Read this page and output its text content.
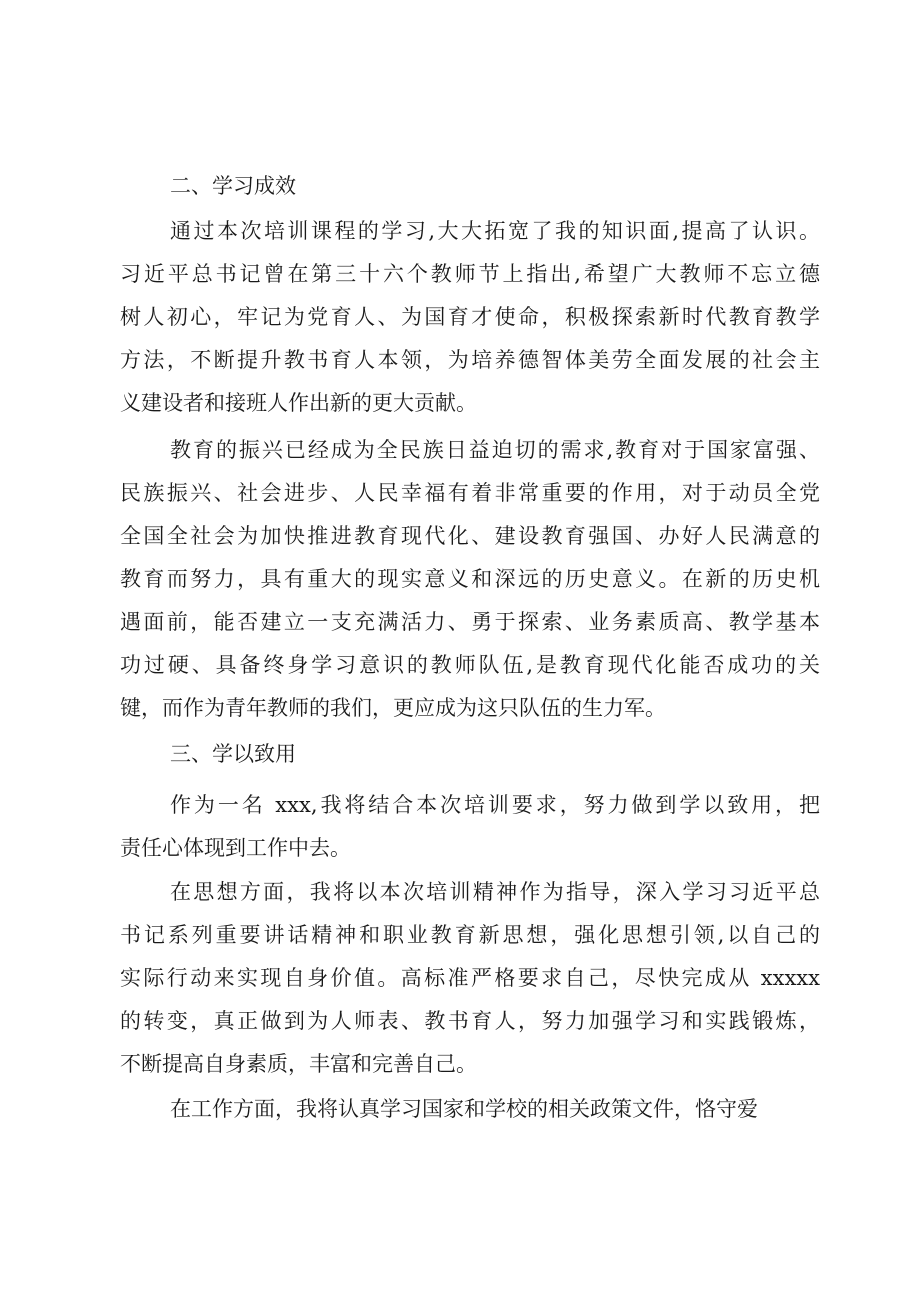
二、学习成效
通过本次培训课程的学习,大大拓宽了我的知识面,提高了认识。
习近平总书记曾在第三十六个教师节上指出,希望广大教师不忘立德
树人初心，牢记为党育人、为国育才使命，积极探索新时代教育教学
方法，不断提升教书育人本领，为培养德智体美劳全面发展的社会主
义建设者和接班人作出新的更大贡献。
教育的振兴已经成为全民族日益迫切的需求,教育对于国家富强、
民族振兴、社会进步、人民幸福有着非常重要的作用，对于动员全党
全国全社会为加快推进教育现代化、建设教育强国、办好人民满意的
教育而努力，具有重大的现实意义和深远的历史意义。在新的历史机
遇面前，能否建立一支充满活力、勇于探索、业务素质高、教学基本
功过硬、具备终身学习意识的教师队伍,是教育现代化能否成功的关
键，而作为青年教师的我们，更应成为这只队伍的生力军。
三、学以致用
作为一名 xxx,我将结合本次培训要求，努力做到学以致用，把
责任心体现到工作中去。
在思想方面，我将以本次培训精神作为指导，深入学习习近平总
书记系列重要讲话精神和职业教育新思想，强化思想引领,以自己的
实际行动来实现自身价值。高标准严格要求自己，尽快完成从 xxxxx
的转变，真正做到为人师表、教书育人，努力加强学习和实践锻炼，
不断提高自身素质，丰富和完善自己。
在工作方面，我将认真学习国家和学校的相关政策文件，恪守爱
